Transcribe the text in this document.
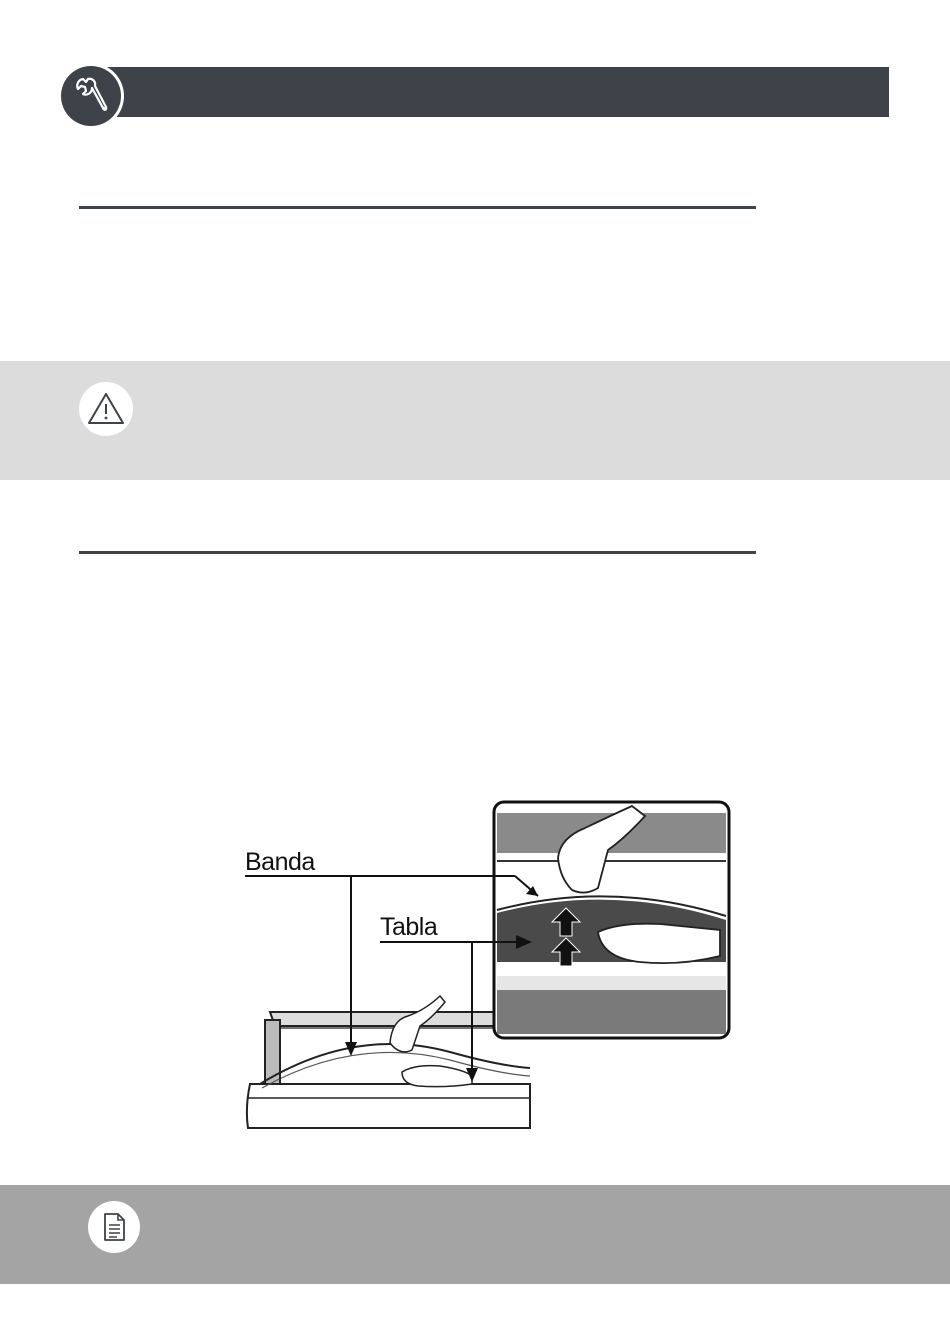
Banda
Tabla
